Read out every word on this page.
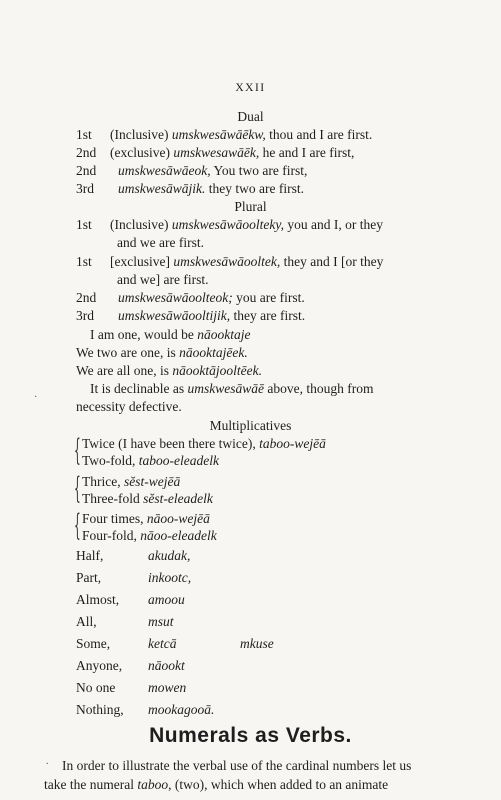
XXII
Dual
1st (Inclusive) umskwesāwāēkw, thou and I are first.
2nd (exclusive) umskwesawāēk, he and I are first,
2nd umskwesāwāeok, You two are first,
3rd umskwesāwājik. they two are first.
Plural
1st (Inclusive) umskwesāwāoolteky, you and I, or they
and we are first.
1st [exclusive] umskwesāwāooltek, they and I [or they
and we] are first.
2nd umskwesāwāoolteok; you are first.
3rd umskwesāwāooltijik, they are first.
I am one, would be nāooktaje
We two are one, is nāooktajēek.
We are all one, is nāooktājooltēek.
It is declinable as umskwesāwāē above, though from
·
necessity defective.
Multiplicatives
{ Twice (I have been there twice), taboo-wejēā
Two-fold, taboo-eleadelk
{ Thrice, sĕst-wejēā
Three-fold sĕst-eleadelk
{ Four times, nāoo-wejēā
Four-fold, nāoo-eleadelk
Half,	akudak,
Part,	inkootc,
Almost, amoou
All,	msut
Some,	ketcā	mkuse
Anyone, nāookt
No one mowen
Nothing, mookagooā.
Numerals as Verbs.
. In order to illustrate the verbal use of the cardinal numbers let us
take the numeral taboo, (two), which when added to an animate
